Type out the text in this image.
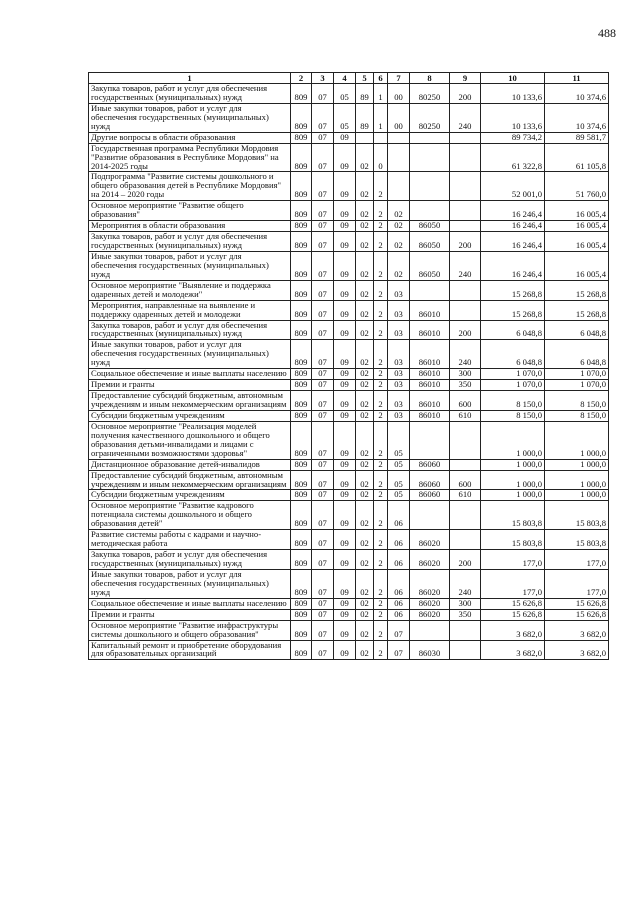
488
1	2	3	4	5	6	7	8	9	10	11
Закупка товаров, работ и услуг для обеспечения государственных (муниципальных) нужд	809	07	05	89	1	00	80250	200	10 133,6	10 374,6
Иные закупки товаров, работ и услуг для обеспечения государственных (муниципальных) нужд	809	07	05	89	1	00	80250	240	10 133,6	10 374,6
Другие вопросы в области образования	809	07	09						89 734,2	89 581,7
Государственная программа Республики Мордовия "Развитие образования в Республике Мордовия" на 2014-2025 годы	809	07	09	02	0				61 322,8	61 105,8
Подпрограмма "Развитие системы дошкольного и общего образования детей в Республике Мордовия" на 2014 – 2020 годы	809	07	09	02	2				52 001,0	51 760,0
Основное мероприятие "Развитие общего образования"	809	07	09	02	2	02			16 246,4	16 005,4
Мероприятия в области образования	809	07	09	02	2	02	86050		16 246,4	16 005,4
Закупка товаров, работ и услуг для обеспечения государственных (муниципальных) нужд	809	07	09	02	2	02	86050	200	16 246,4	16 005,4
Иные закупки товаров, работ и услуг для обеспечения государственных (муниципальных) нужд	809	07	09	02	2	02	86050	240	16 246,4	16 005,4
Основное мероприятие "Выявление и поддержка одаренных детей и молодежи"	809	07	09	02	2	03			15 268,8	15 268,8
Мероприятия, направленные на выявление и поддержку одаренных детей и молодежи	809	07	09	02	2	03	86010		15 268,8	15 268,8
Закупка товаров, работ и услуг для обеспечения государственных (муниципальных) нужд	809	07	09	02	2	03	86010	200	6 048,8	6 048,8
Иные закупки товаров, работ и услуг для обеспечения государственных (муниципальных) нужд	809	07	09	02	2	03	86010	240	6 048,8	6 048,8
Социальное обеспечение и иные выплаты населению	809	07	09	02	2	03	86010	300	1 070,0	1 070,0
Премии и гранты	809	07	09	02	2	03	86010	350	1 070,0	1 070,0
Предоставление субсидий бюджетным, автономным учреждениям и иным некоммерческим организациям	809	07	09	02	2	03	86010	600	8 150,0	8 150,0
Субсидии бюджетным учреждениям	809	07	09	02	2	03	86010	610	8 150,0	8 150,0
Основное мероприятие "Реализация моделей получения качественного дошкольного и общего образования детьми-инвалидами и лицами с ограниченными возможностями здоровья"	809	07	09	02	2	05			1 000,0	1 000,0
Дистанционное образование детей-инвалидов	809	07	09	02	2	05	86060		1 000,0	1 000,0
Предоставление субсидий бюджетным, автономным учреждениям и иным некоммерческим организациям	809	07	09	02	2	05	86060	600	1 000,0	1 000,0
Субсидии бюджетным учреждениям	809	07	09	02	2	05	86060	610	1 000,0	1 000,0
Основное мероприятие "Развитие кадрового потенциала системы дошкольного и общего образования детей"	809	07	09	02	2	06			15 803,8	15 803,8
Развитие системы работы с кадрами и научно-методическая работа	809	07	09	02	2	06	86020		15 803,8	15 803,8
Закупка товаров, работ и услуг для обеспечения государственных (муниципальных) нужд	809	07	09	02	2	06	86020	200	177,0	177,0
Иные закупки товаров, работ и услуг для обеспечения государственных (муниципальных) нужд	809	07	09	02	2	06	86020	240	177,0	177,0
Социальное обеспечение и иные выплаты населению	809	07	09	02	2	06	86020	300	15 626,8	15 626,8
Премии и гранты	809	07	09	02	2	06	86020	350	15 626,8	15 626,8
Основное мероприятие "Развитие инфраструктуры системы дошкольного и общего образования"	809	07	09	02	2	07			3 682,0	3 682,0
Капитальный ремонт и приобретение оборудования для образовательных организаций	809	07	09	02	2	07	86030		3 682,0	3 682,0
